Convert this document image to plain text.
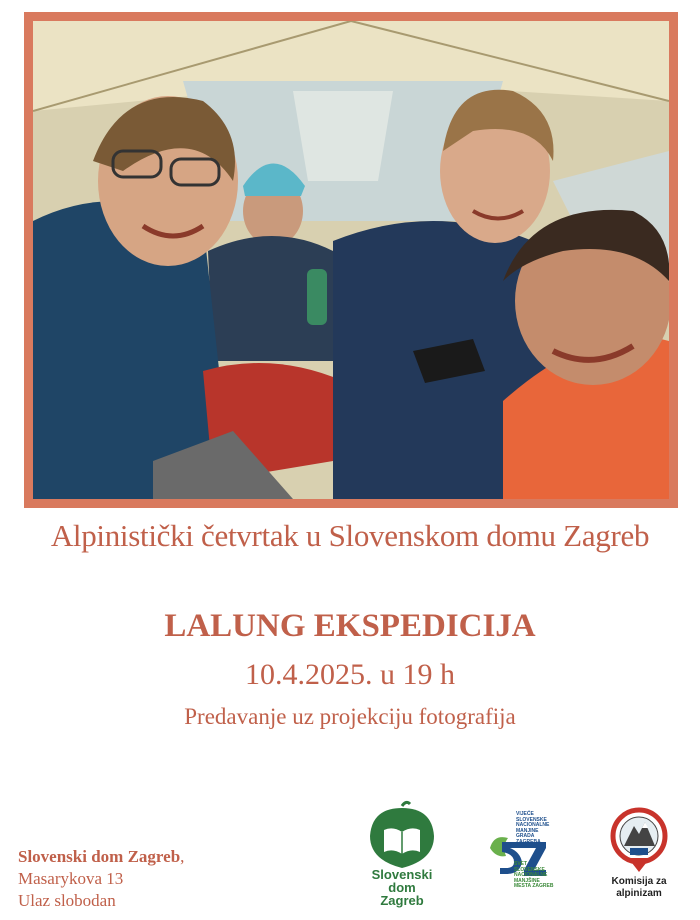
Alpinistički četvrtak u Slovenskom domu Zagreb
LALUNG EKSPEDICIJA
10.4.2025. u 19 h
Predavanje uz projekciju fotografija
Slovenski dom Zagreb,
Masarykova 13
Ulaz slobodan
Slovenski
dom
Zagreb
VIJEĆE SLOVENSKE NACIONALNE MANJINE GRADA ZAGREBA
SVET SLOVENSKE NACIONALNE MANJŠINE MESTA ZAGREB	Komisija za
alpinizam
